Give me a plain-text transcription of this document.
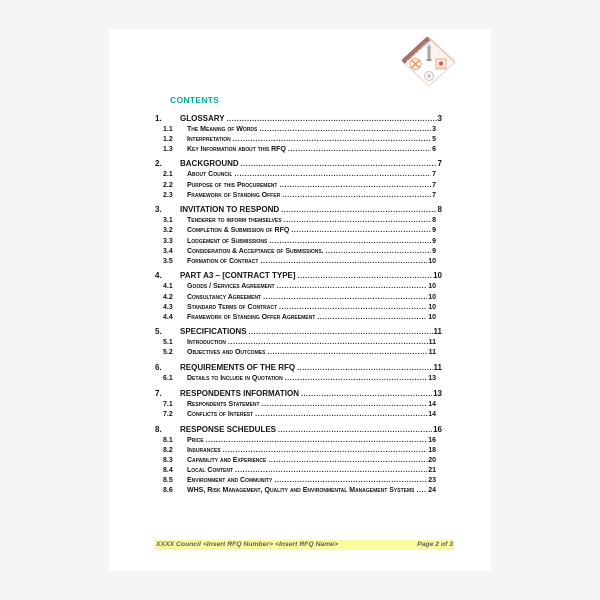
CONTENTS
1.	GLOSSARY .....	3
1.1	The Meaning of Words .....	3
1.2	Interpretation .....	5
1.3	Key Information about this RFQ .....	6
2.	BACKGROUND .....	7
2.1	About Council .....	7
2.2	Purpose of this Procurement .....	7
2.3	Framework of Standing Offer .....	7
3.	INVITATION TO RESPOND .....	8
3.1	Tenderer to inform themselves .....	8
3.2	Completion & Submission of RFQ .....	9
3.3	Lodgement of Submissions .....	9
3.4	Consideration & Acceptance of Submissions. .....	9
3.5	Formation of Contract .....	10
4.	PART A3 – [CONTRACT TYPE] .....	10
4.1	Goods / Services Agreement .....	10
4.2	Consultancy Agreement .....	10
4.3	Standard Terms of Contract .....	10
4.4	Framework of Standing Offer Agreement .....	10
5.	SPECIFICATIONS .....	11
5.1	Introduction .....	11
5.2	Objectives and Outcomes .....	11
6.	REQUIREMENTS OF THE RFQ .....	11
6.1	Details to Include in Quotation .....	13
7.	RESPONDENTS INFORMATION .....	13
7.1	Respondents Statement .....	14
7.2	Conflicts of Interest .....	14
8.	RESPONSE SCHEDULES .....	16
8.1	Price .....	16
8.2	Insurances .....	18
8.3	Capability and Experience .....	20
8.4	Local Content .....	21
8.5	Environment and Community .....	23
8.6	WHS, Risk Management, Quality and Environmental Management Systems ..... 24
XXXX Council <Insert RFQ Number> <Insert RFQ Name>	Page 2 of 3
